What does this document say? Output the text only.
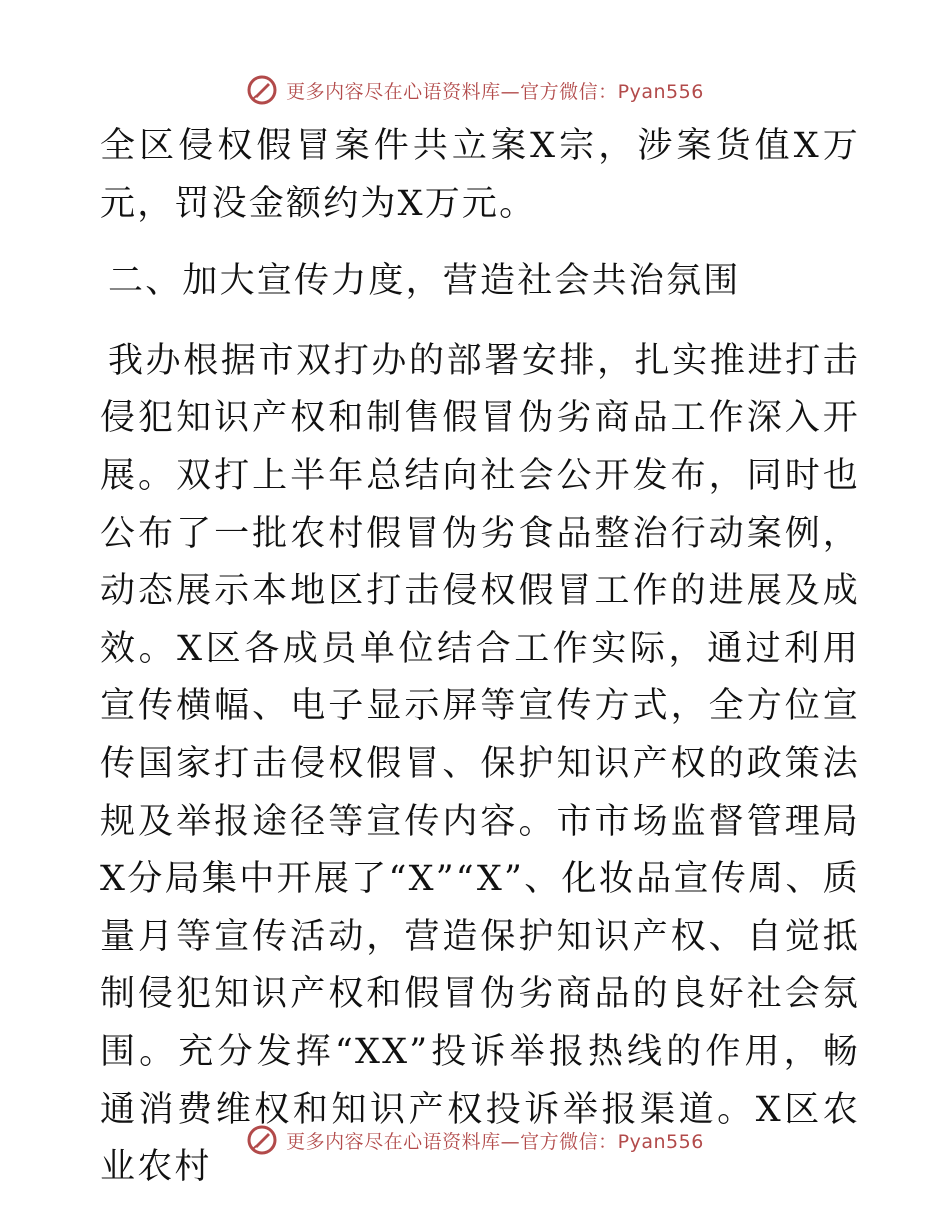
更多内容尽在心语资料库—官方微信：Pyan556

全区侵权假冒案件共立案X宗，涉案货值X万元，罚没金额约为X万元。

二、加大宣传力度，营造社会共治氛围

我办根据市双打办的部署安排，扎实推进打击侵犯知识产权和制售假冒伪劣商品工作深入开展。双打上半年总结向社会公开发布，同时也公布了一批农村假冒伪劣食品整治行动案例，动态展示本地区打击侵权假冒工作的进展及成效。X区各成员单位结合工作实际，通过利用宣传横幅、电子显示屏等宣传方式，全方位宣传国家打击侵权假冒、保护知识产权的政策法规及举报途径等宣传内容。市市场监督管理局X分局集中开展了“X”“X”、化妆品宣传周、质量月等宣传活动，营造保护知识产权、自觉抵制侵犯知识产权和假冒伪劣商品的良好社会氛围。充分发挥“XX”投诉举报热线的作用，畅通消费维权和知识产权投诉举报渠道。X区农业农村

更多内容尽在心语资料库—官方微信：Pyan556
